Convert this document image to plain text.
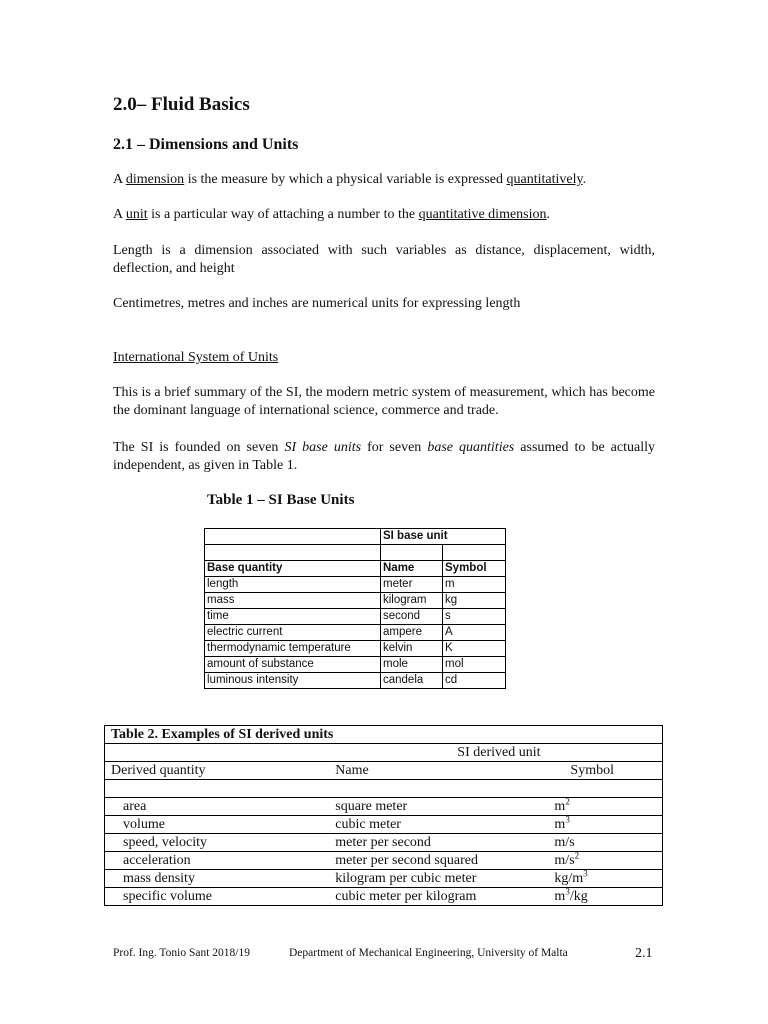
2.0– Fluid Basics
2.1 – Dimensions and Units

A dimension is the measure by which a physical variable is expressed quantitatively.

A unit is a particular way of attaching a number to the quantitative dimension.

Length is a dimension associated with such variables as distance, displacement, width, deflection, and height

Centimetres, metres and inches are numerical units for expressing length

International System of Units

This is a brief summary of the SI, the modern metric system of measurement, which has become the dominant language of international science, commerce and trade.

The SI is founded on seven SI base units for seven base quantities assumed to be actually independent, as given in Table 1.

Table 1 – SI Base Units

	SI base unit	

Base quantity	Name	Symbol
length	meter	m
mass	kilogram	kg
time	second	s
electric current	ampere	A
thermodynamic temperature	kelvin	K
amount of substance	mole	mol
luminous intensity	candela	cd
Table 2. Examples of SI derived units		
	SI derived unit	
Derived quantity	Name	Symbol

area	square meter	$m^2$
volume	cubic meter	$m^3$
speed, velocity	meter per second	m/s
acceleration	meter per second squared	$m/s^2$
mass density	kilogram per cubic meter	$kg/m^3$
specific volume	cubic meter per kilogram	$m^3/kg$
Prof. Ing. Tonio Sant 2018/19	Department of Mechanical Engineering, University of Malta	2.1
